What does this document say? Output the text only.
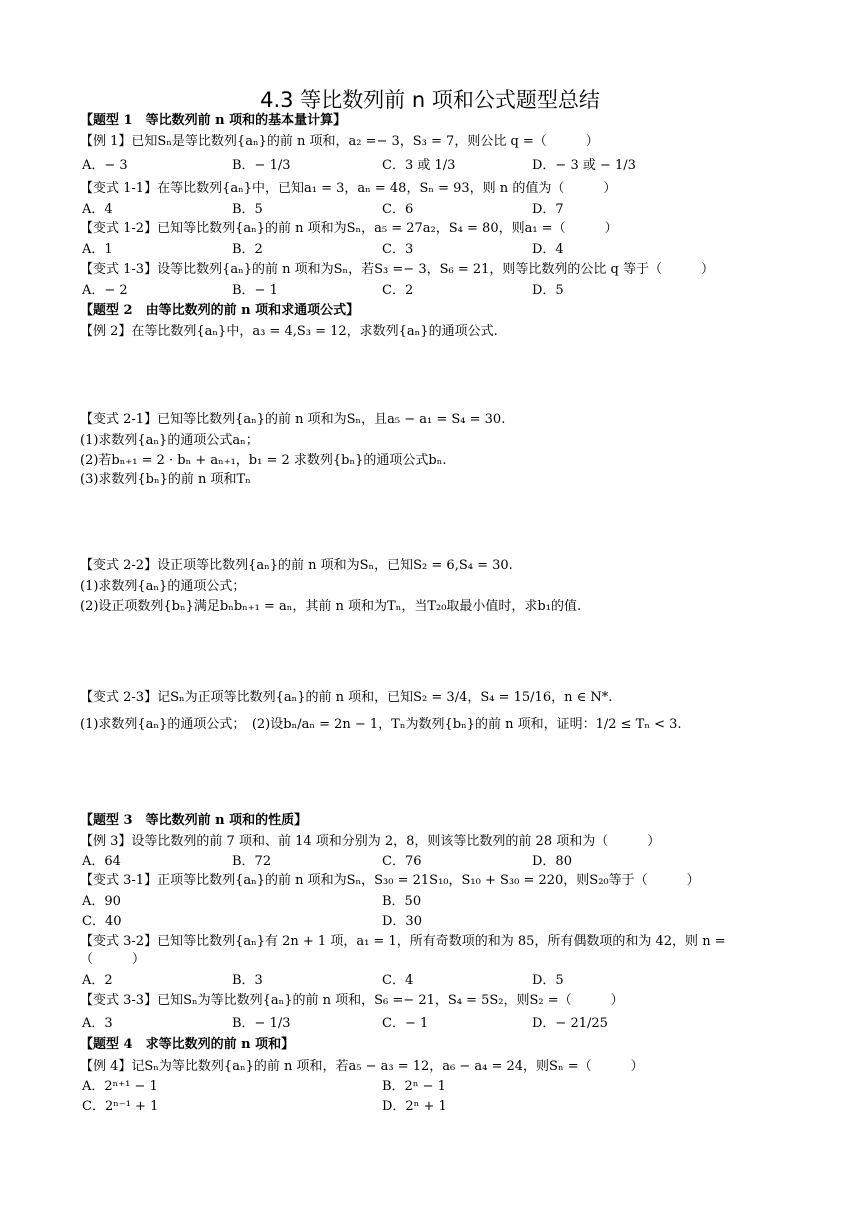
4.3 等比数列前 n 项和公式题型总结
【题型 1　等比数列前 n 项和的基本量计算】
【例 1】已知Sₙ是等比数列{aₙ}的前 n 项和，a₂ =− 3，S₃ = 7，则公比 q =（　　　）
A．− 3	B．− 1/3	C．3 或 1/3	D．− 3 或 − 1/3
【变式 1-1】在等比数列{aₙ}中，已知a₁ = 3，aₙ = 48，Sₙ = 93，则 n 的值为（　　　）
A．4	B．5	C．6	D．7
【变式 1-2】已知等比数列{aₙ}的前 n 项和为Sₙ，a₅ = 27a₂，S₄ = 80，则a₁ =（　　　）
A．1	B．2	C．3	D．4
【变式 1-3】设等比数列{aₙ}的前 n 项和为Sₙ，若S₃ =− 3，S₆ = 21，则等比数列的公比 q 等于（　　　）
A．− 2	B．− 1	C．2	D．5
【题型 2　由等比数列的前 n 项和求通项公式】
【例 2】在等比数列{aₙ}中，a₃ = 4,S₃ = 12，求数列{aₙ}的通项公式.
【变式 2-1】已知等比数列{aₙ}的前 n 项和为Sₙ，且a₅ − a₁ = S₄ = 30.
(1)求数列{aₙ}的通项公式aₙ；
(2)若bₙ₊₁ = 2 · bₙ + aₙ₊₁，b₁ = 2 求数列{bₙ}的通项公式bₙ.
(3)求数列{bₙ}的前 n 项和Tₙ
【变式 2-2】设正项等比数列{aₙ}的前 n 项和为Sₙ，已知S₂ = 6,S₄ = 30.
(1)求数列{aₙ}的通项公式；
(2)设正项数列{bₙ}满足bₙbₙ₊₁ = aₙ，其前 n 项和为Tₙ，当T₂₀取最小值时，求b₁的值.
【变式 2-3】记Sₙ为正项等比数列{aₙ}的前 n 项和，已知S₂ = 3/4，S₄ = 15/16，n ∈ N*.
(1)求数列{aₙ}的通项公式；　(2)设bₙ/aₙ = 2n − 1，Tₙ为数列{bₙ}的前 n 项和，证明：1/2 ≤ Tₙ < 3.
【题型 3　等比数列前 n 项和的性质】
【例 3】设等比数列的前 7 项和、前 14 项和分别为 2，8，则该等比数列的前 28 项和为（　　　）
A．64	B．72	C．76	D．80
【变式 3-1】正项等比数列{aₙ}的前 n 项和为Sₙ，S₃₀ = 21S₁₀，S₁₀ + S₃₀ = 220，则S₂₀等于（　　　）
A．90	B．50
C．40	D．30
【变式 3-2】已知等比数列{aₙ}有 2n + 1 项，a₁ = 1，所有奇数项的和为 85，所有偶数项的和为 42，则 n =
（　　　）
A．2	B．3	C．4	D．5
【变式 3-3】已知Sₙ为等比数列{aₙ}的前 n 项和，S₆ =− 21，S₄ = 5S₂，则S₂ =（　　　）
A．3	B．− 1/3	C．− 1	D．− 21/25
【题型 4　求等比数列的前 n 项和】
【例 4】记Sₙ为等比数列{aₙ}的前 n 项和，若a₅ − a₃ = 12，a₆ − a₄ = 24，则Sₙ =（　　　）
A．2ⁿ⁺¹ − 1	B．2ⁿ − 1
C．2ⁿ⁻¹ + 1	D．2ⁿ + 1
